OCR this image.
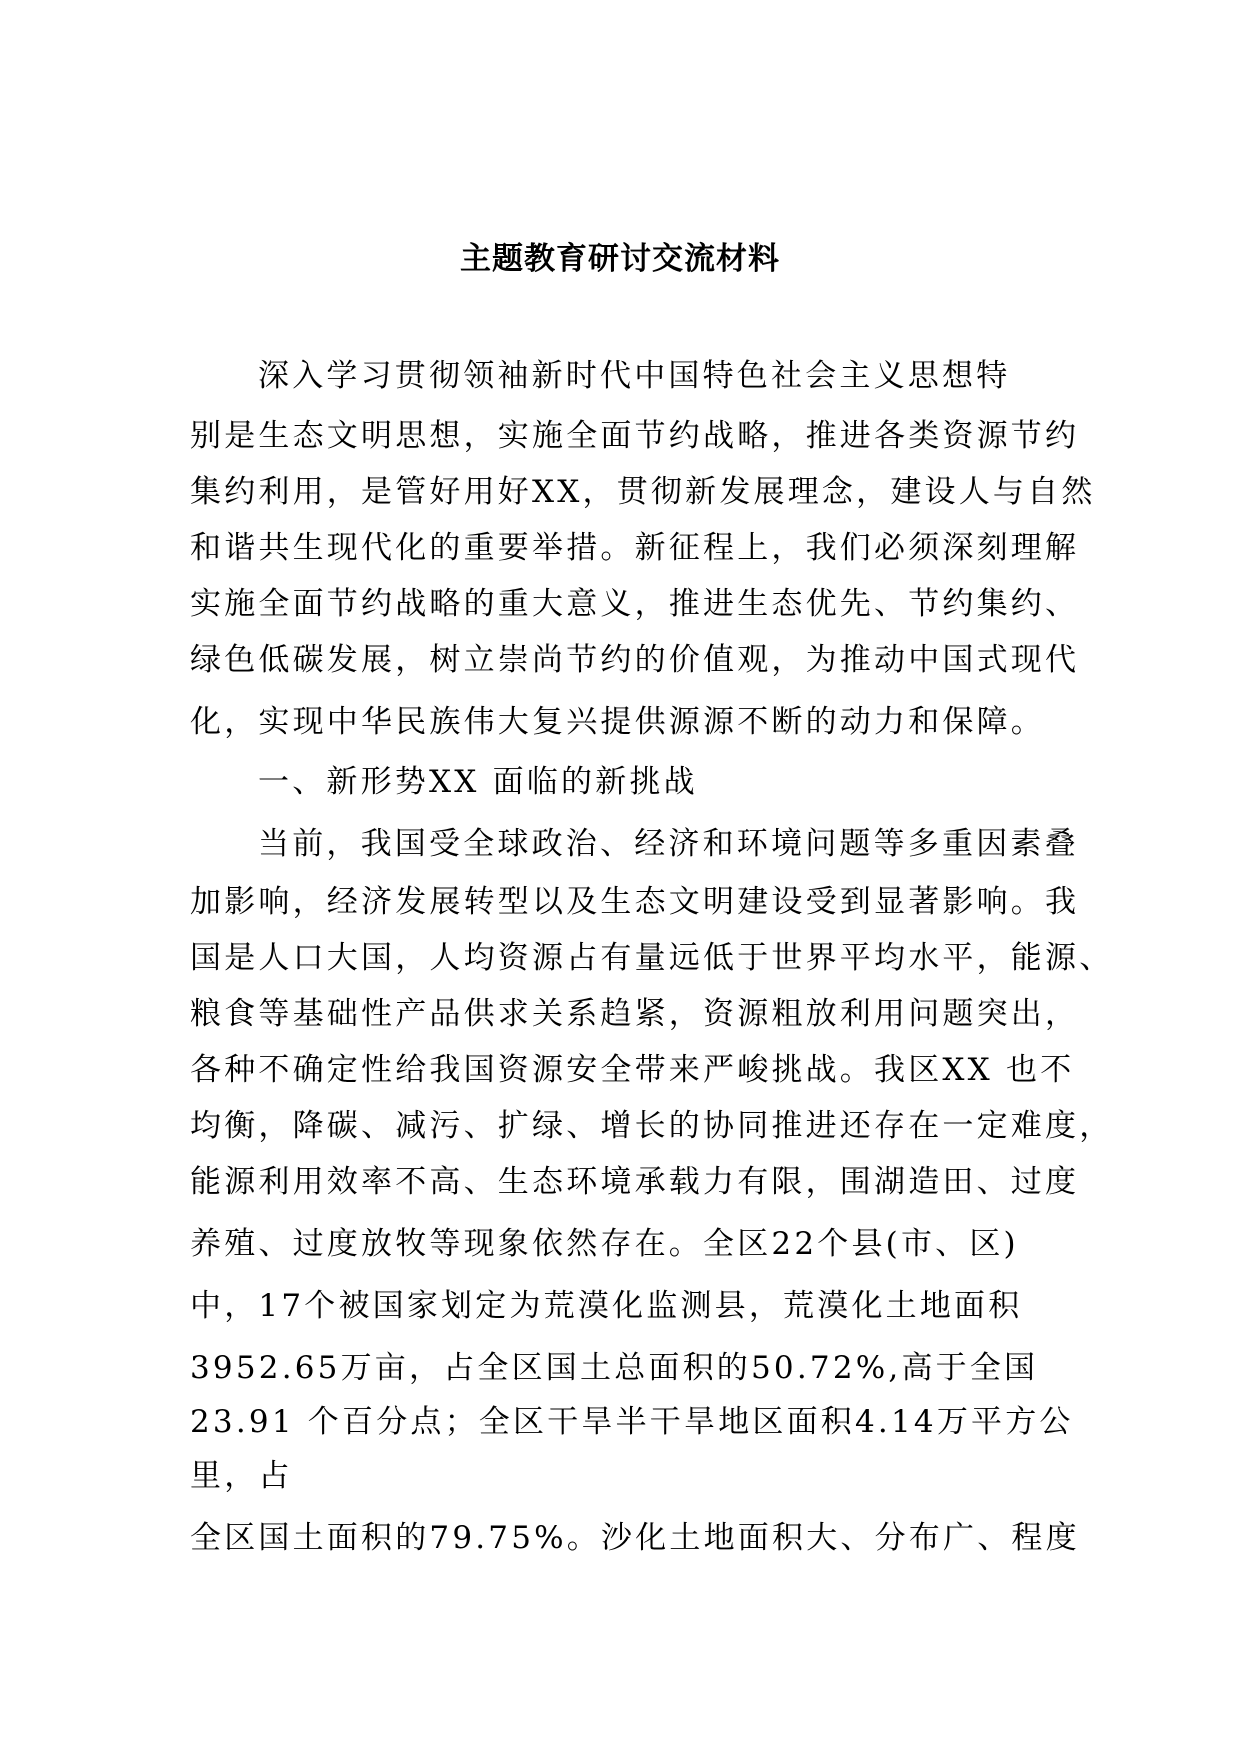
主题教育研讨交流材料
深入学习贯彻领袖新时代中国特色社会主义思想特
别是生态文明思想，实施全面节约战略，推进各类资源节约
集约利用，是管好用好XX，贯彻新发展理念，建设人与自然
和谐共生现代化的重要举措。新征程上，我们必须深刻理解
实施全面节约战略的重大意义，推进生态优先、节约集约、
绿色低碳发展，树立崇尚节约的价值观，为推动中国式现代
化，实现中华民族伟大复兴提供源源不断的动力和保障。
一、新形势XX 面临的新挑战
当前，我国受全球政治、经济和环境问题等多重因素叠
加影响，经济发展转型以及生态文明建设受到显著影响。我
国是人口大国，人均资源占有量远低于世界平均水平，能源、
粮食等基础性产品供求关系趋紧，资源粗放利用问题突出，
各种不确定性给我国资源安全带来严峻挑战。我区XX 也不
均衡，降碳、减污、扩绿、增长的协同推进还存在一定难度，
能源利用效率不高、生态环境承载力有限，围湖造田、过度
养殖、过度放牧等现象依然存在。全区22个县(市、区)
中，17个被国家划定为荒漠化监测县，荒漠化土地面积
3952.65万亩，占全区国土总面积的50.72%,高于全国
23.91 个百分点；全区干旱半干旱地区面积4.14万平方公
里，占
全区国土面积的79.75%。沙化土地面积大、分布广、程度
